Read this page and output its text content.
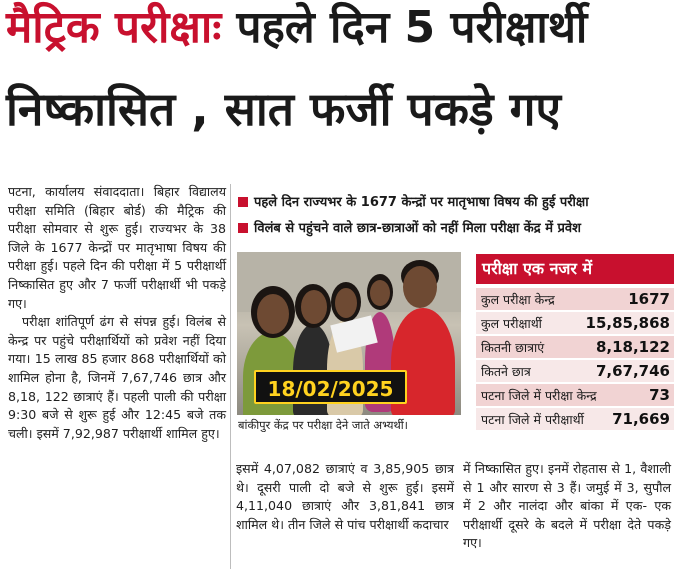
मैट्रिक परीक्षाः पहले दिन 5 परीक्षार्थी
निष्कासित , सात फर्जी पकड़े गए

पटना, कार्यालय संवाददाता। बिहार विद्यालय परीक्षा समिति (बिहार बोर्ड) की मैट्रिक की परीक्षा सोमवार से शुरू हुई। राज्यभर के 38 जिले के 1677 केन्द्रों पर मातृभाषा विषय की परीक्षा हुई। पहले दिन की परीक्षा में 5 परीक्षार्थी निष्कासित हुए और 7 फर्जी परीक्षार्थी भी पकड़े गए।

परीक्षा शांतिपूर्ण ढंग से संपन्न हुई। विलंब से केन्द्र पर पहुंचे परीक्षार्थियों को प्रवेश नहीं दिया गया। 15 लाख 85 हजार 868 परीक्षार्थियों को शामिल होना है, जिनमें 7,67,746 छात्र और 8,18, 122 छात्राएं हैं। पहली पाली की परीक्षा 9:30 बजे से शुरू हुई और 12:45 बजे तक चली। इसमें 7,92,987 परीक्षार्थी शामिल हुए।

पहले दिन राज्यभर के 1677 केन्द्रों पर मातृभाषा विषय की हुई परीक्षा
विलंब से पहुंचने वाले छात्र-छात्राओं को नहीं मिला परीक्षा केंद्र में प्रवेश
18/02/2025
बांकीपुर केंद्र पर परीक्षा देने जाते अभ्यर्थी।
परीक्षा एक नजर में
कुल परीक्षा केन्द्र	1677
कुल परीक्षार्थी	15,85,868
कितनी छात्राएं	8,18,122
कितने छात्र	7,67,746
पटना जिले में परीक्षा केन्द्र	73
पटना जिले में परीक्षार्थी 71,669
इसमें 4,07,082 छात्राएं व 3,85,905 छात्र थे। दूसरी पाली दो बजे से शुरू हुई। इसमें 4,11,040 छात्राएं और 3,81,841 छात्र शामिल थे। तीन जिले से पांच परीक्षार्थी कदाचार
में निष्कासित हुए। इनमें रोहतास से 1, वैशाली से 1 और सारण से 3 हैं। जमुई में 3, सुपौल में 2 और नालंदा और बांका में एक- एक परीक्षार्थी दूसरे के बदले में परीक्षा देते पकड़े गए।
